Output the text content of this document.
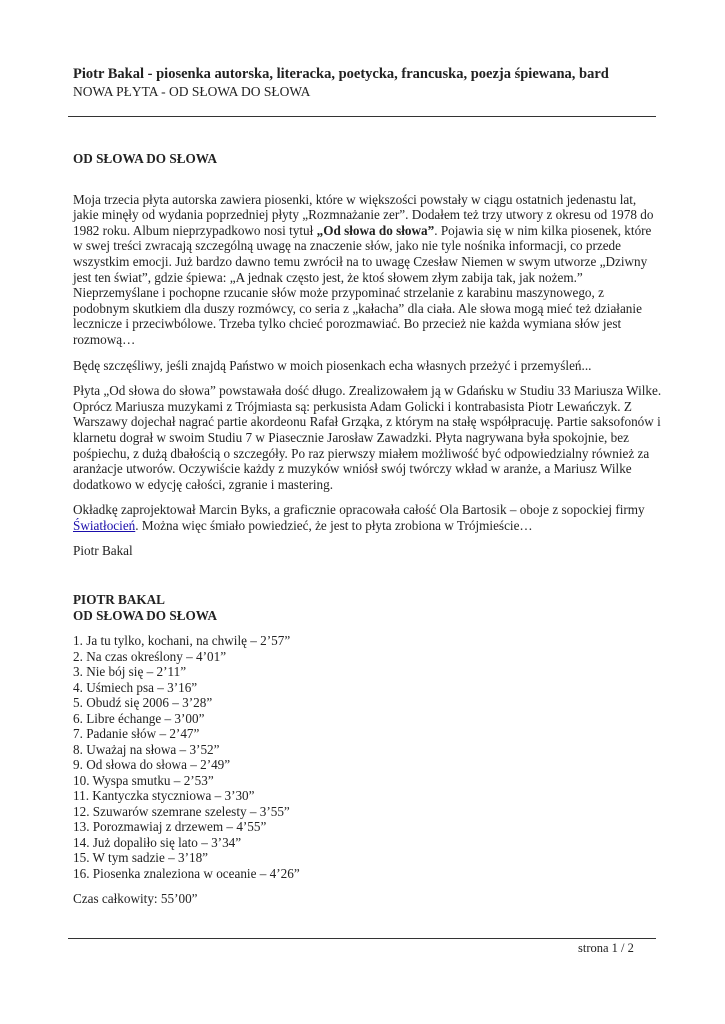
Piotr Bakal - piosenka autorska, literacka, poetycka, francuska, poezja śpiewana, bard
NOWA PŁYTA - OD SŁOWA DO SŁOWA

OD SŁOWA DO SŁOWA

Moja trzecia płyta autorska zawiera piosenki, które w większości powstały w ciągu ostatnich jedenastu lat, jakie minęły od wydania poprzedniej płyty „Rozmnażanie zer”. Dodałem też trzy utwory z okresu od 1978 do 1982 roku. Album nieprzypadkowo nosi tytuł „Od słowa do słowa”. Pojawia się w nim kilka piosenek, które w swej treści zwracają szczególną uwagę na znaczenie słów, jako nie tyle nośnika informacji, co przede wszystkim emocji. Już bardzo dawno temu zwrócił na to uwagę Czesław Niemen w swym utworze „Dziwny jest ten świat”, gdzie śpiewa: „A jednak często jest, że ktoś słowem złym zabija tak, jak nożem.” Nieprzemyślane i pochopne rzucanie słów może przypominać strzelanie z karabinu maszynowego, z podobnym skutkiem dla duszy rozmówcy, co seria z „kałacha” dla ciała. Ale słowa mogą mieć też działanie lecznicze i przeciwbólowe. Trzeba tylko chcieć porozmawiać. Bo przecież nie każda wymiana słów jest rozmową…

Będę szczęśliwy, jeśli znajdą Państwo w moich piosenkach echa własnych przeżyć i przemyśleń...

Płyta „Od słowa do słowa” powstawała dość długo. Zrealizowałem ją w Gdańsku w Studiu 33 Mariusza Wilke. Oprócz Mariusza muzykami z Trójmiasta są: perkusista Adam Golicki i kontrabasista Piotr Lewańczyk. Z Warszawy dojechał nagrać partie akordeonu Rafał Grząka, z którym na stałę współpracuję. Partie saksofonów i klarnetu dograł w swoim Studiu 7 w Piasecznie Jarosław Zawadzki. Płyta nagrywana była spokojnie, bez pośpiechu, z dużą dbałością o szczegóły. Po raz pierwszy miałem możliwość być odpowiedzialny również za aranżacje utworów. Oczywiście każdy z muzyków wniósł swój twórczy wkład w aranże, a Mariusz Wilke dodatkowo w edycję całości, zgranie i mastering.

Okładkę zaprojektował Marcin Byks, a graficznie opracowała całość Ola Bartosik – oboje z sopockiej firmy Światłocień. Można więc śmiało powiedzieć, że jest to płyta zrobiona w Trójmieście…

Piotr Bakal

PIOTR BAKAL

OD SŁOWA DO SŁOWA

1. Ja tu tylko, kochani, na chwilę – 2’57”
2. Na czas określony – 4’01”
3. Nie bój się – 2’11”
4. Uśmiech psa – 3’16”
5. Obudź się 2006 – 3’28”
6. Libre échange – 3’00”
7. Padanie słów – 2’47”
8. Uważaj na słowa – 3’52”
9. Od słowa do słowa – 2’49”
10. Wyspa smutku – 2’53”
11. Kantyczka styczniowa – 3’30”
12. Szuwarów szemrane szelesty – 3’55”
13. Porozmawiaj z drzewem – 4’55”
14. Już dopaliło się lato – 3’34”
15. W tym sadzie – 3’18”
16. Piosenka znaleziona w oceanie – 4’26”

Czas całkowity: 55’00”

strona 1 / 2
